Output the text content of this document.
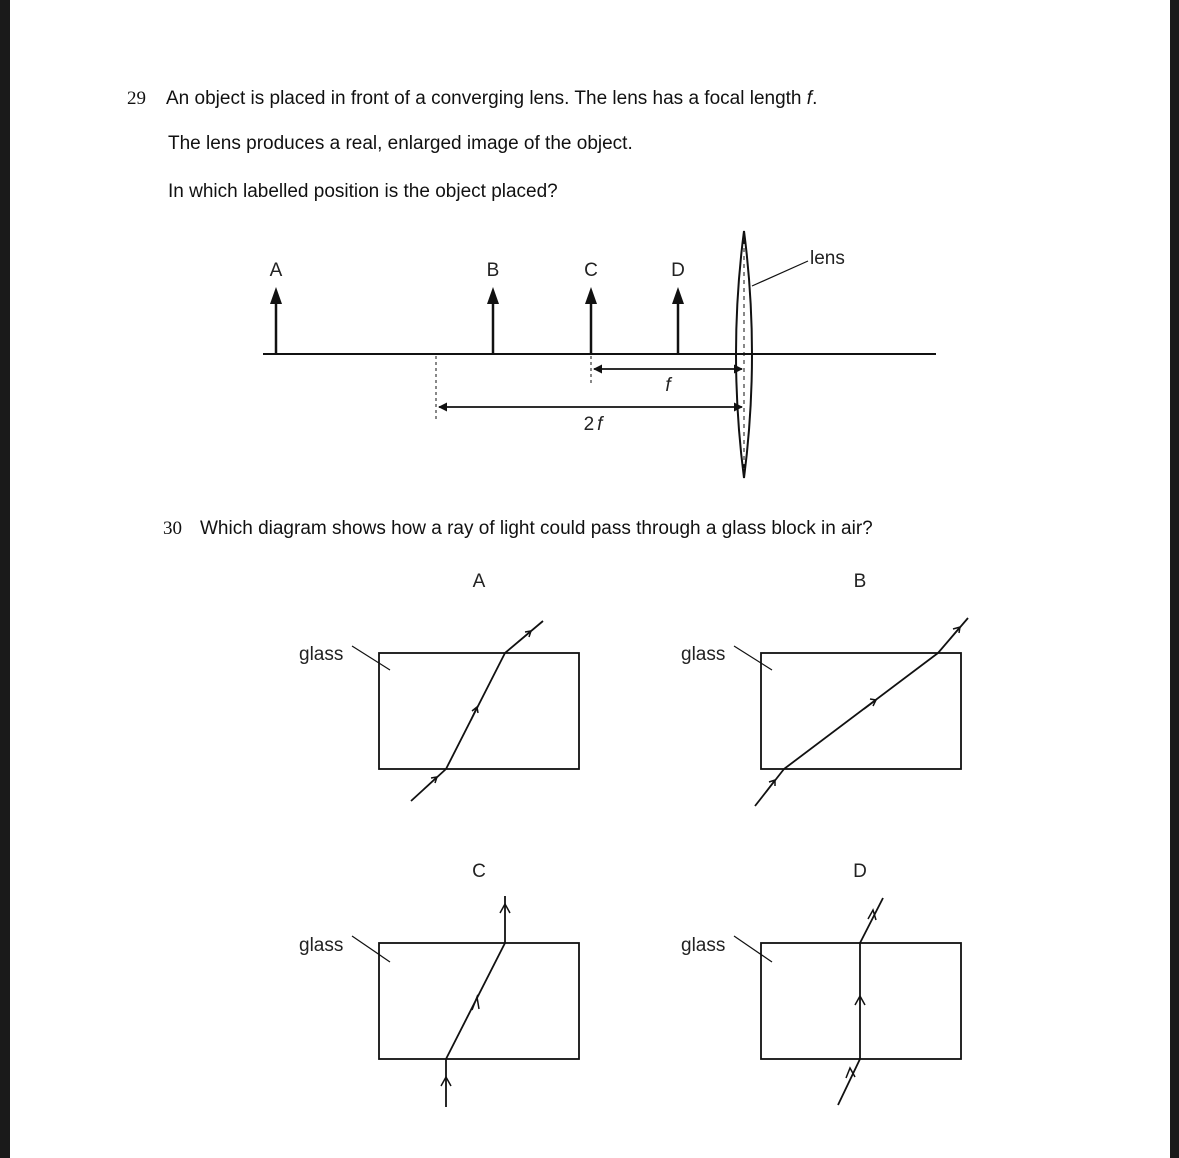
29 An object is placed in front of a converging lens. The lens has a focal length f.
The lens produces a real, enlarged image of the object.
In which labelled position is the object placed?
30 Which diagram shows how a ray of light could pass through a glass block in air?
A	B	C	D
lens
f
2 f
A
glass
B
glass
C
glass
D
glass
